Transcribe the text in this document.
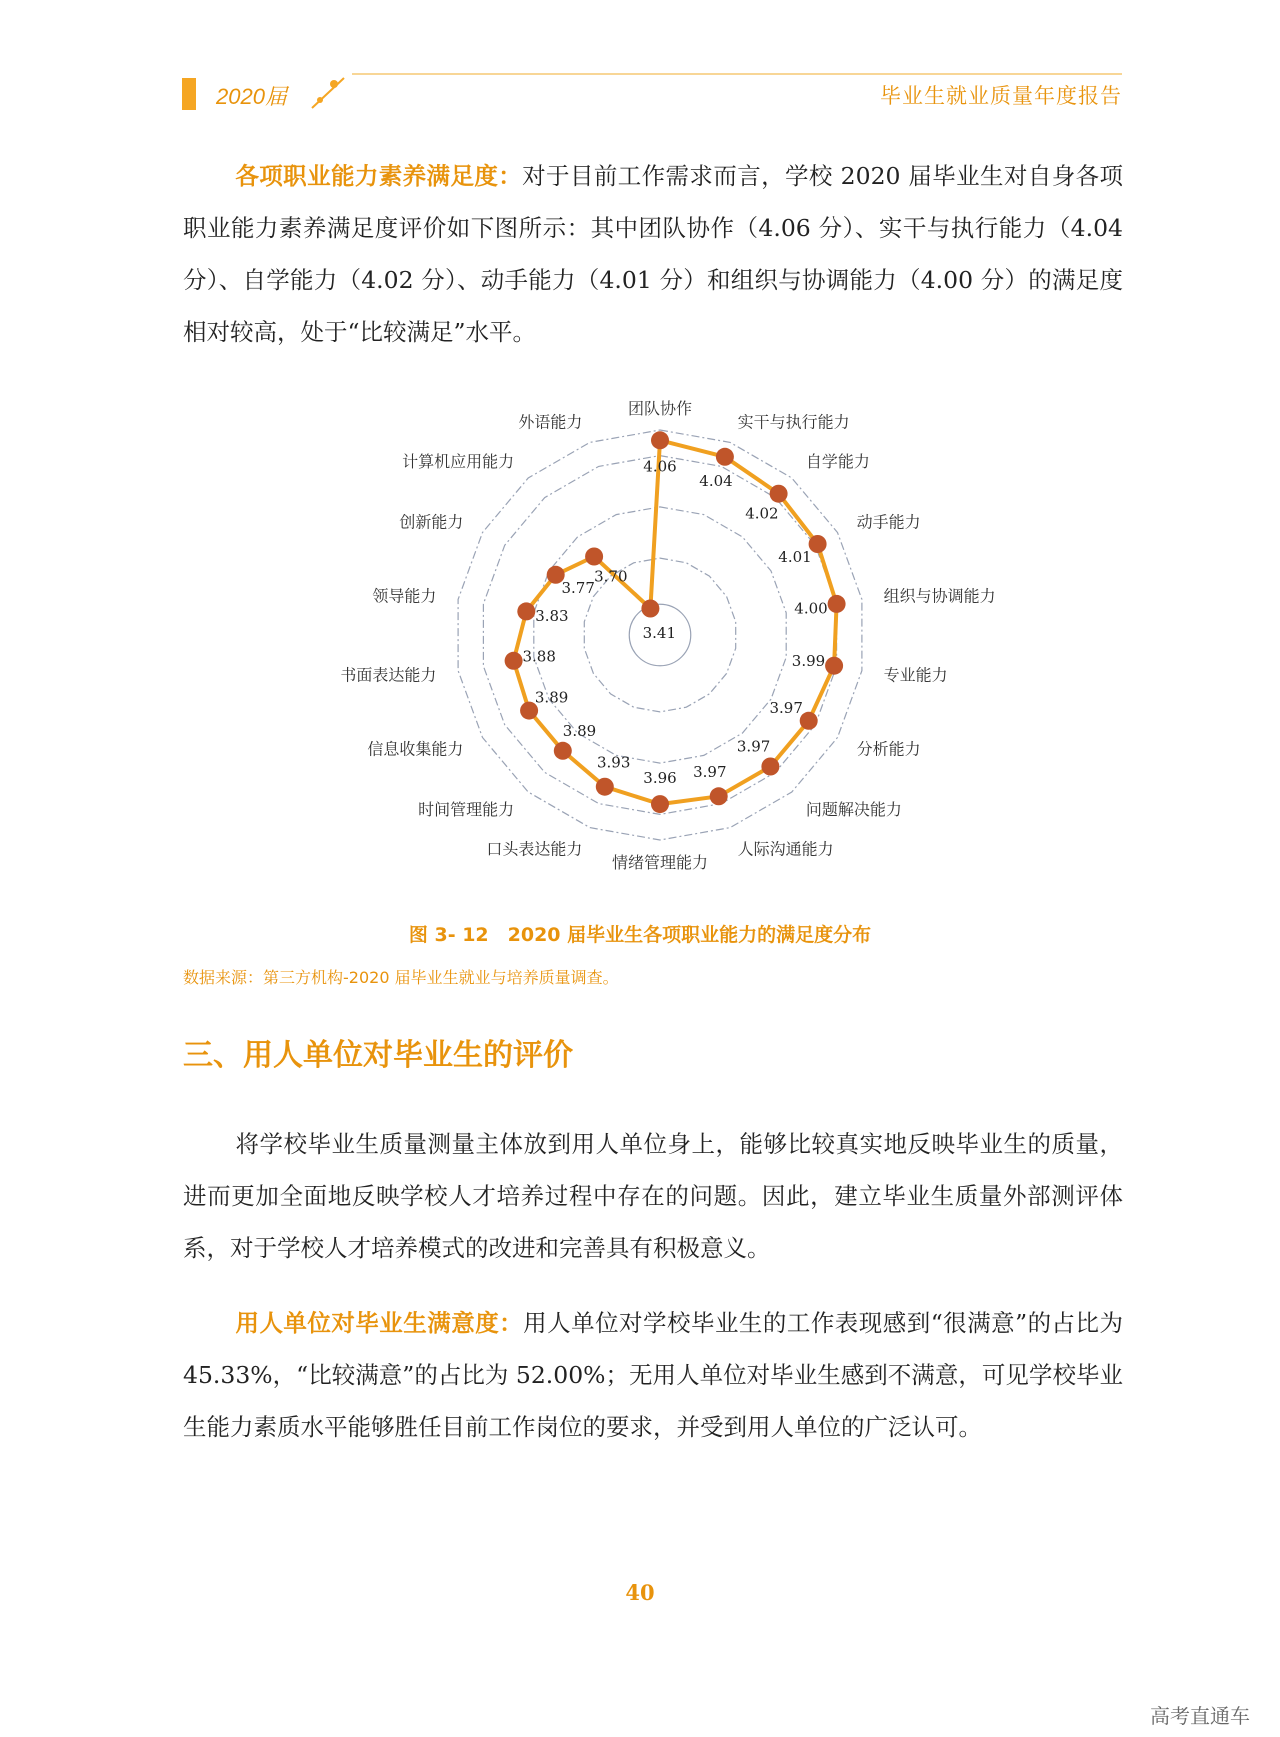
2020届	毕业生就业质量年度报告

各项职业能力素养满足度：对于目前工作需求而言，学校 2020 届毕业生对自身各项职业能力素养满足度评价如下图所示：其中团队协作（4.06 分）、实干与执行能力（4.04 分）、自学能力（4.02 分）、动手能力（4.01 分）和组织与协调能力（4.00 分）的满足度相对较高，处于“比较满足”水平。

4.06
4.04
4.02
4.01
4.00
3.99
3.97
3.97
3.97
3.96
3.93
3.89
3.89
3.88
3.83
3.77
3.70
3.41
团队协作
实干与执行能力
自学能力
动手能力
组织与协调能力
专业能力
分析能力
问题解决能力
人际沟通能力
情绪管理能力
口头表达能力
时间管理能力
信息收集能力
书面表达能力
领导能力
创新能力
计算机应用能力
外语能力
图 3- 12　2020 届毕业生各项职业能力的满足度分布
数据来源：第三方机构-2020 届毕业生就业与培养质量调查。
三、用人单位对毕业生的评价

将学校毕业生质量测量主体放到用人单位身上，能够比较真实地反映毕业生的质量，进而更加全面地反映学校人才培养过程中存在的问题。因此，建立毕业生质量外部测评体系，对于学校人才培养模式的改进和完善具有积极意义。

用人单位对毕业生满意度：用人单位对学校毕业生的工作表现感到“很满意”的占比为 45.33%，“比较满意”的占比为 52.00%；无用人单位对毕业生感到不满意，可见学校毕业生能力素质水平能够胜任目前工作岗位的要求，并受到用人单位的广泛认可。

40
高考直通车
